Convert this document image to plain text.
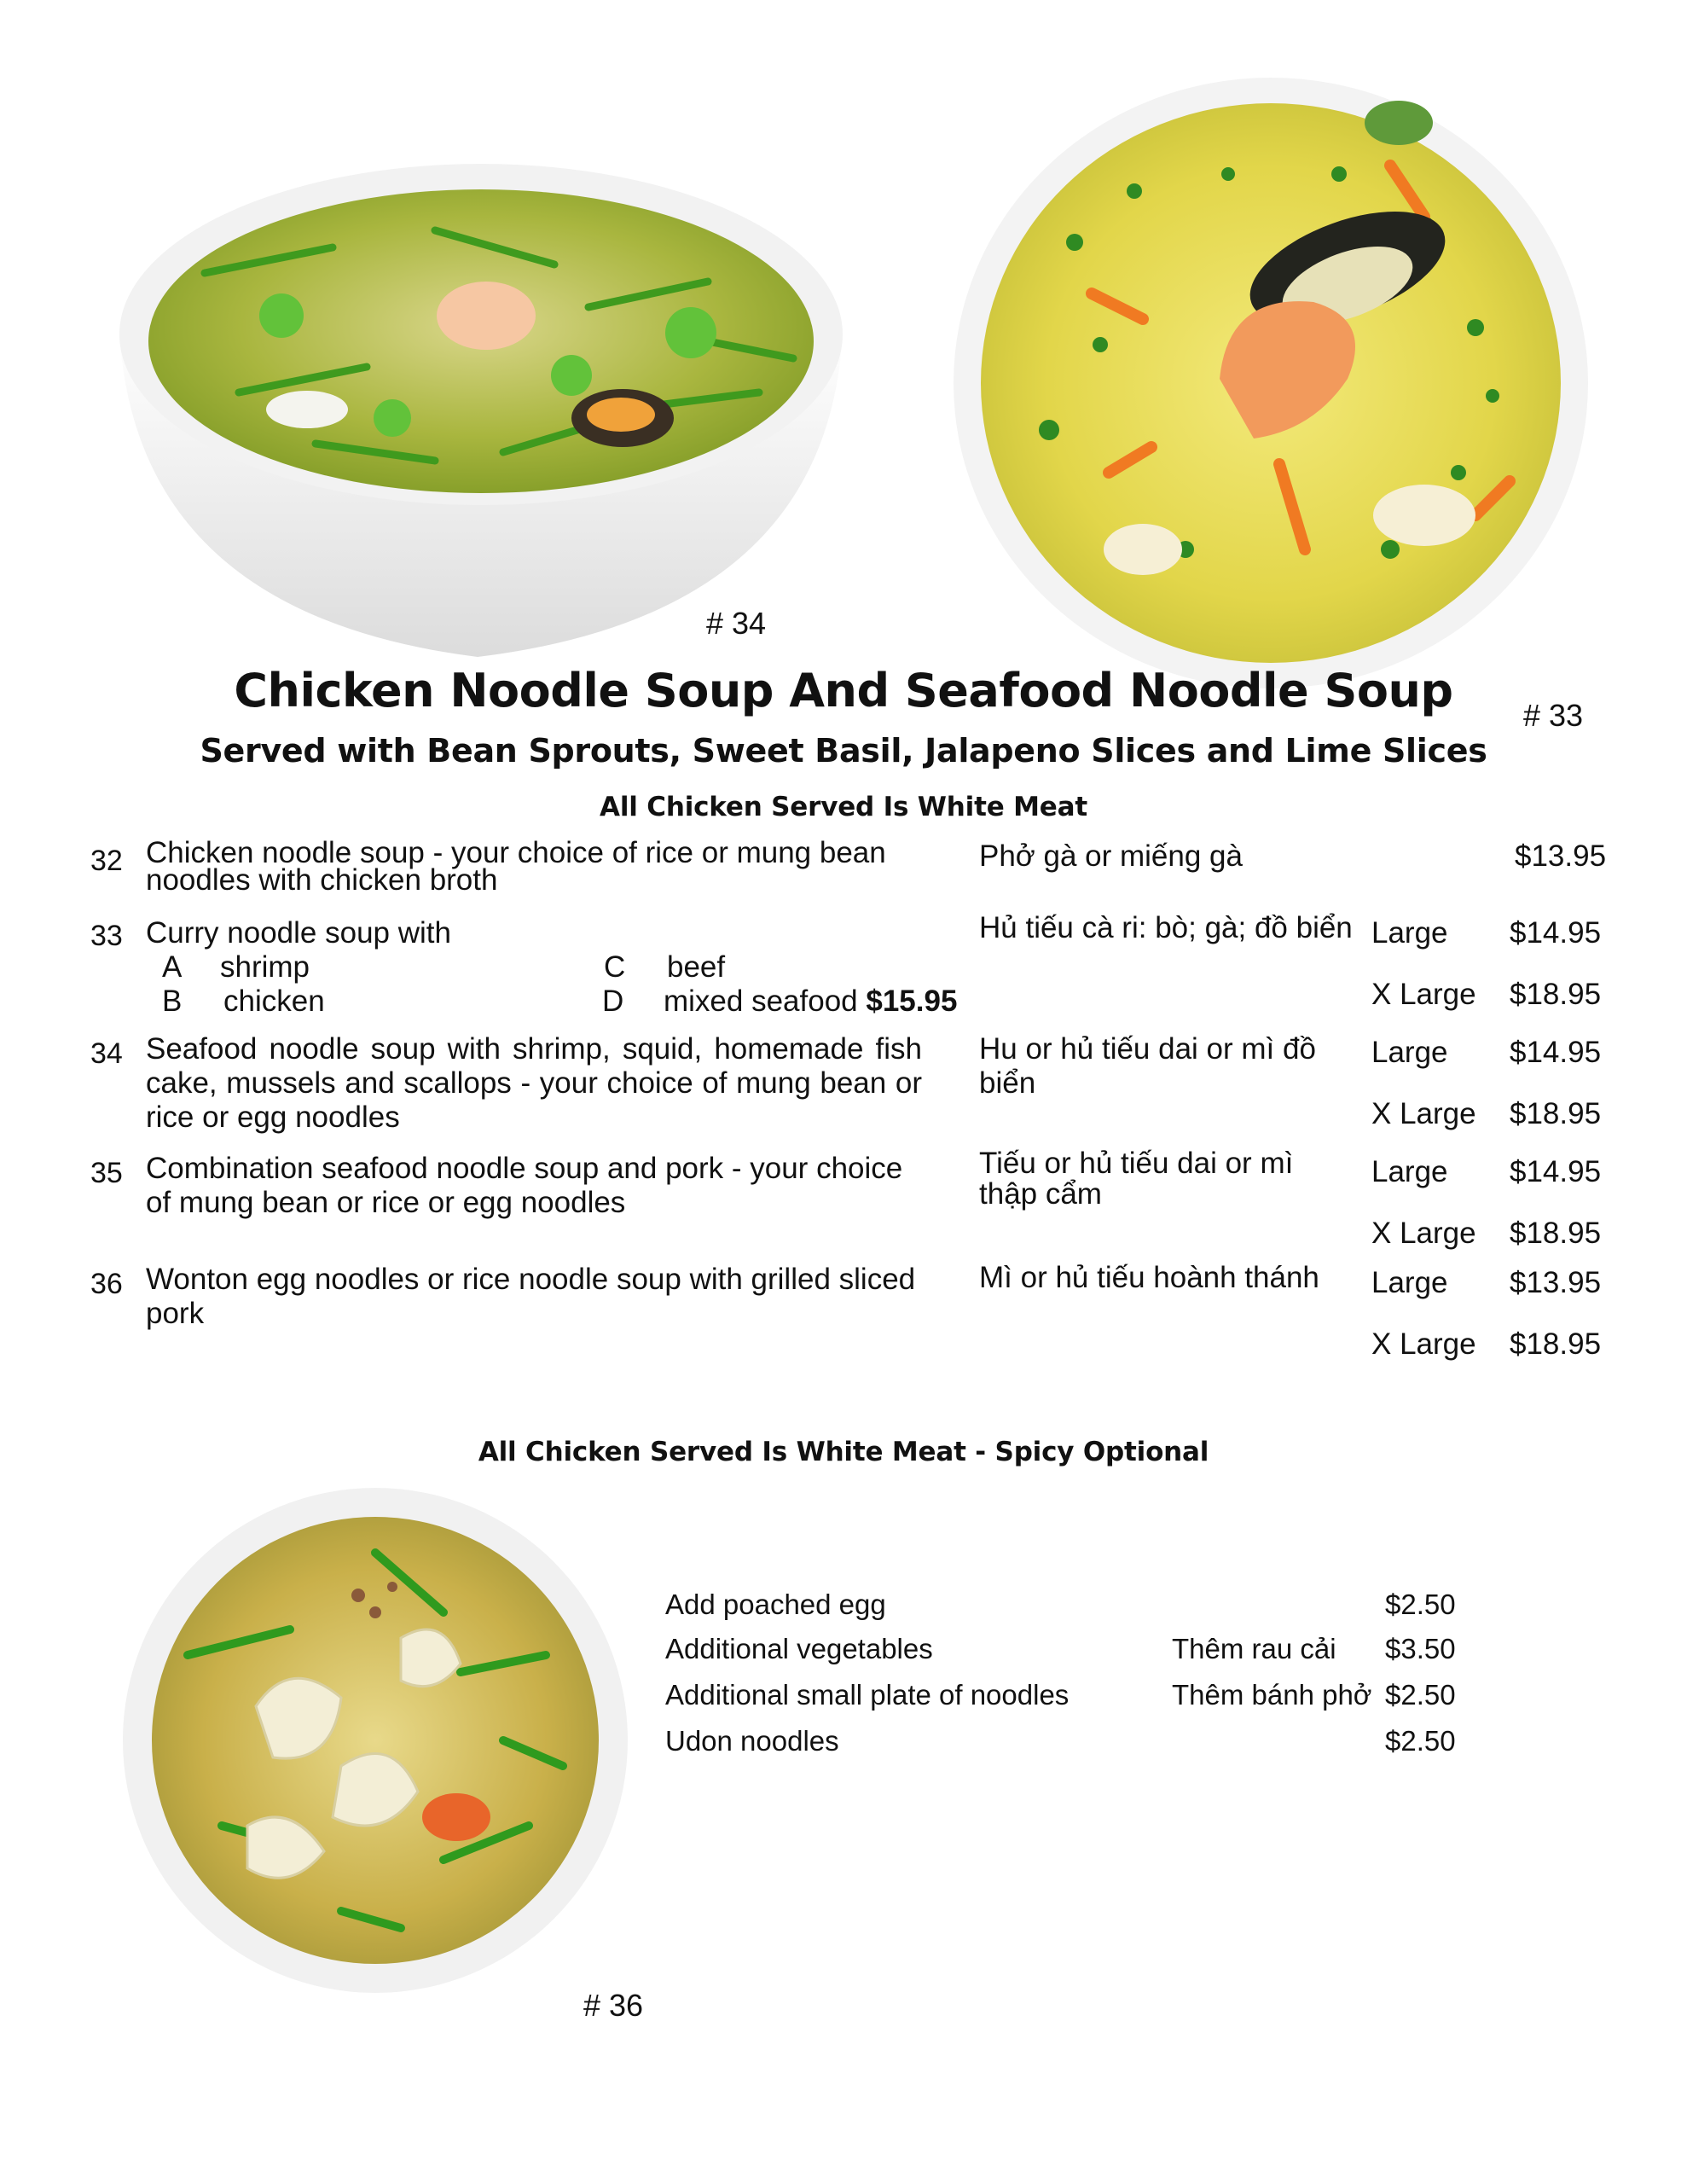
# 34
# 33
Chicken Noodle Soup And Seafood Noodle Soup
Served with Bean Sprouts, Sweet Basil, Jalapeno Slices and Lime Slices
All Chicken Served Is White Meat
32 Chicken noodle soup - your choice of rice or mung bean noodles with chicken broth
Phở gà or miếng gà	$13.95
33 Curry noodle soup with
A shrimp
B chicken
C beef
D mixed seafood $15.95
Hủ tiếu cà ri: bò; gà; đồ biển Large $14.95
X Large $18.95
34 Seafood noodle soup with shrimp, squid, homemade fish cake, mussels and scallops - your choice of mung bean or rice or egg noodles
Hu or hủ tiếu dai or mì đồ biển
Large $14.95
X Large $18.95
35 Combination seafood noodle soup and pork - your choice of mung bean or rice or egg noodles
Tiếu or hủ tiếu dai or mì thập cẩm
Large $14.95
X Large $18.95
36 Wonton egg noodles or rice noodle soup with grilled sliced pork
Mì or hủ tiếu hoành thánh Large $13.95
X Large $18.95
All Chicken Served Is White Meat - Spicy Optional
# 36
Add poached egg	$2.50
Additional vegetables	Thêm rau cải $3.50
Additional small plate of noodles	Thêm bánh phở $2.50
Udon noodles	$2.50
